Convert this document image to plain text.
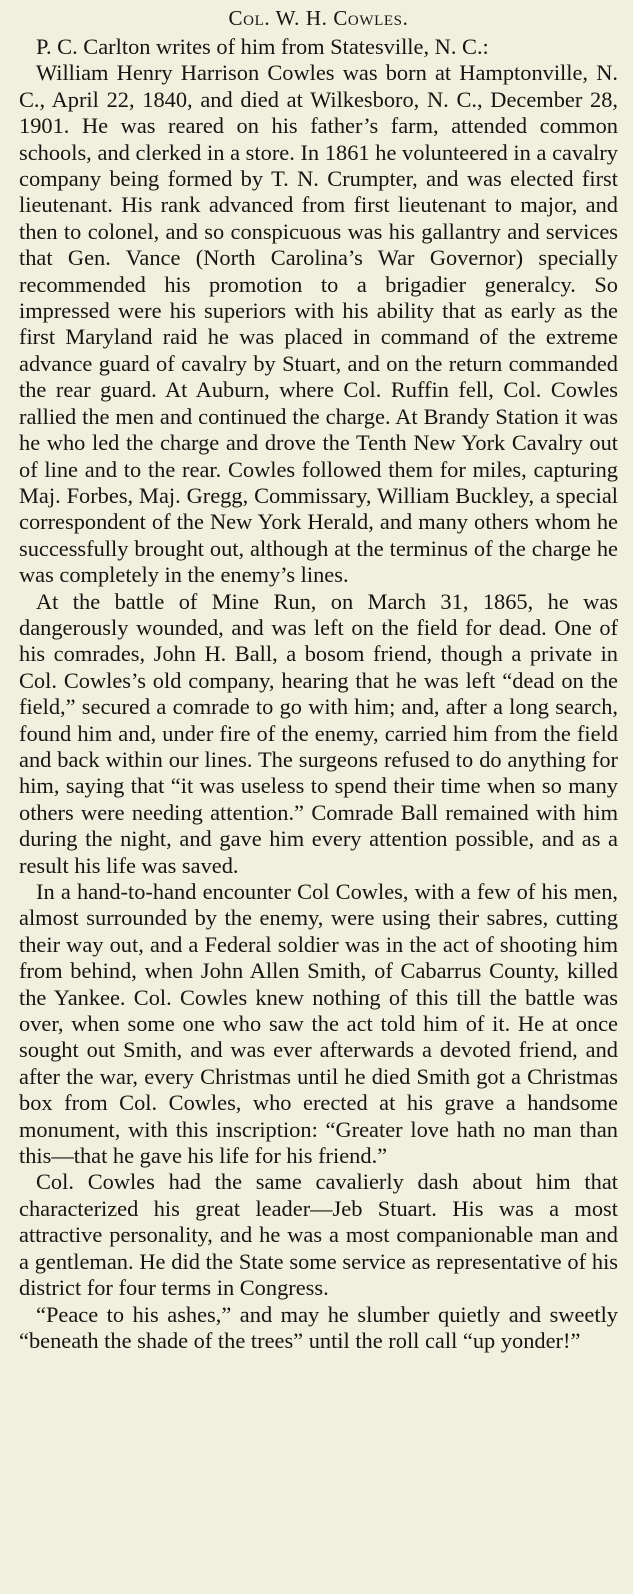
Col. W. H. Cowles.

P. C. Carlton writes of him from Statesville, N. C.:

William Henry Harrison Cowles was born at Hamptonville, N. C., April 22, 1840, and died at Wilkesboro, N. C., December 28, 1901. He was reared on his father’s farm, attended common schools, and clerked in a store. In 1861 he volunteered in a cavalry company being formed by T. N. Crumpter, and was elected first lieutenant. His rank advanced from first lieutenant to major, and then to colonel, and so conspicuous was his gallantry and services that Gen. Vance (North Carolina’s War Governor) specially recommended his promotion to a brigadier generalcy. So impressed were his superiors with his ability that as early as the first Maryland raid he was placed in command of the extreme advance guard of cavalry by Stuart, and on the return commanded the rear guard. At Auburn, where Col. Ruffin fell, Col. Cowles rallied the men and continued the charge. At Brandy Station it was he who led the charge and drove the Tenth New York Cavalry out of line and to the rear. Cowles followed them for miles, capturing Maj. Forbes, Maj. Gregg, Commissary, William Buckley, a special correspondent of the New York Herald, and many others whom he successfully brought out, although at the terminus of the charge he was completely in the enemy’s lines.

At the battle of Mine Run, on March 31, 1865, he was dangerously wounded, and was left on the field for dead. One of his comrades, John H. Ball, a bosom friend, though a private in Col. Cowles’s old company, hearing that he was left “dead on the field,” secured a comrade to go with him; and, after a long search, found him and, under fire of the enemy, carried him from the field and back within our lines. The surgeons refused to do anything for him, saying that “it was useless to spend their time when so many others were needing attention.” Comrade Ball remained with him during the night, and gave him every attention possible, and as a result his life was saved.

In a hand-to-hand encounter Col Cowles, with a few of his men, almost surrounded by the enemy, were using their sabres, cutting their way out, and a Federal soldier was in the act of shooting him from behind, when John Allen Smith, of Cabarrus County, killed the Yankee. Col. Cowles knew nothing of this till the battle was over, when some one who saw the act told him of it. He at once sought out Smith, and was ever afterwards a devoted friend, and after the war, every Christmas until he died Smith got a Christmas box from Col. Cowles, who erected at his grave a handsome monument, with this inscription: “Greater love hath no man than this—that he gave his life for his friend.”

Col. Cowles had the same cavalierly dash about him that characterized his great leader—Jeb Stuart. His was a most attractive personality, and he was a most companionable man and a gentleman. He did the State some service as representative of his district for four terms in Congress.

“Peace to his ashes,” and may he slumber quietly and sweetly “beneath the shade of the trees” until the roll call “up yonder!”
